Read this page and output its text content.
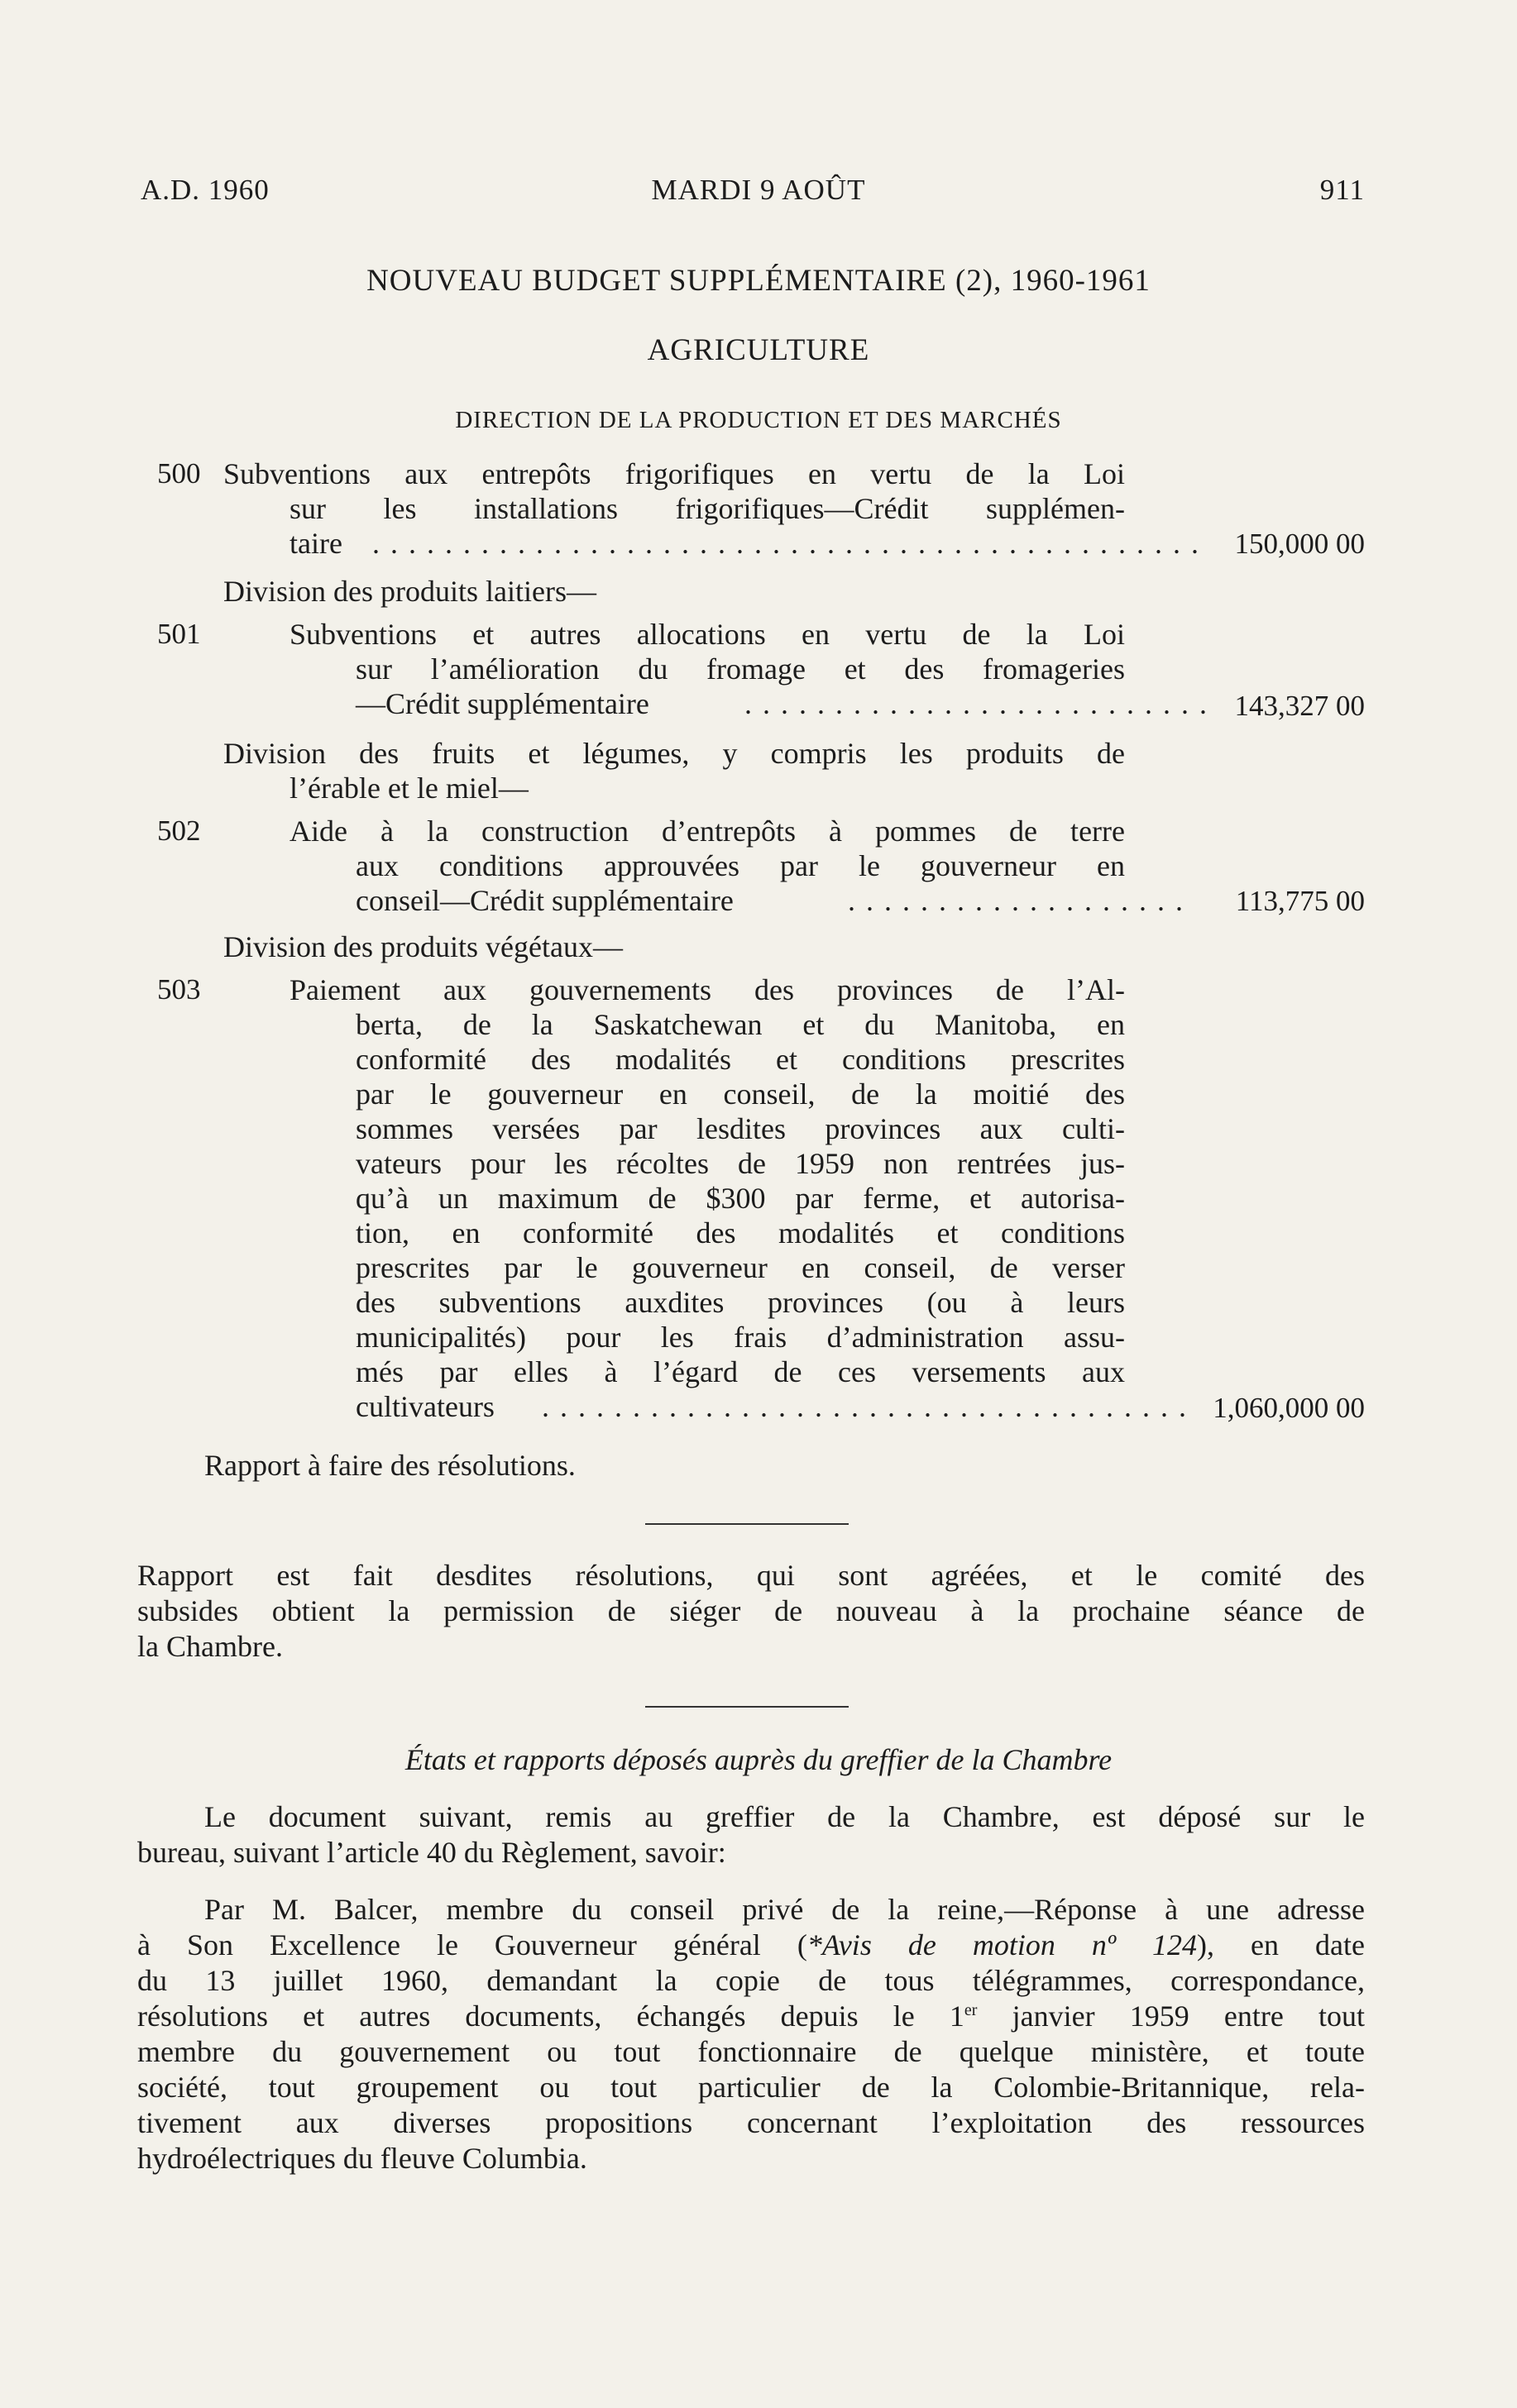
A.D. 1960	MARDI 9 AOÛT	911
NOUVEAU BUDGET SUPPLÉMENTAIRE (2), 1960-1961
AGRICULTURE
DIRECTION DE LA PRODUCTION ET DES MARCHÉS
500 Subventions aux entrepôts frigorifiques en vertu de la Loi
sur les installations frigorifiques—Crédit supplémen-
taire . . . . . . . . . . . . . . . . . . . . . . . . . . . . . . . . . . . . . . . . . . . . . . 150,000 00
Division des produits laitiers—
501	Subventions et autres allocations en vertu de la Loi
sur l’amélioration du fromage et des fromageries
—Crédit supplémentaire	. . . . . . . . . . . . . . . . . . . . . . . . . . 143,327 00
Division des fruits et légumes, y compris les produits de
l’érable et le miel—
502	Aide à la construction d’entrepôts à pommes de terre
aux conditions approuvées par le gouverneur en
conseil—Crédit supplémentaire	. . . . . . . . . . . . . . . . . . . 113,775 00
Division des produits végétaux—
503	Paiement aux gouvernements des provinces de l’Al-
berta, de la Saskatchewan et du Manitoba, en
conformité des modalités et conditions prescrites
par le gouverneur en conseil, de la moitié des
sommes versées par lesdites provinces aux culti-
vateurs pour les récoltes de 1959 non rentrées jus-
qu’à un maximum de $300 par ferme, et autorisa-
tion, en conformité des modalités et conditions
prescrites par le gouverneur en conseil, de verser
des subventions auxdites provinces (ou à leurs
municipalités) pour les frais d’administration assu-
més par elles à l’égard de ces versements aux
cultivateurs . . . . . . . . . . . . . . . . . . . . . . . . . . . . . . . . . . . . 1,060,000 00
Rapport à faire des résolutions.
Rapport est fait desdites résolutions, qui sont agréées, et le comité des
subsides obtient la permission de siéger de nouveau à la prochaine séance de
la Chambre.
États et rapports déposés auprès du greffier de la Chambre
Le document suivant, remis au greffier de la Chambre, est déposé sur le
bureau, suivant l’article 40 du Règlement, savoir:
Par M. Balcer, membre du conseil privé de la reine,—Réponse à une adresse
à Son Excellence le Gouverneur général (*Avis de motion nº 124), en date
du 13 juillet 1960, demandant la copie de tous télégrammes, correspondance,
résolutions et autres documents, échangés depuis le 1er janvier 1959 entre tout
membre du gouvernement ou tout fonctionnaire de quelque ministère, et toute
société, tout groupement ou tout particulier de la Colombie-Britannique, rela-
tivement aux diverses propositions concernant l’exploitation des ressources
hydroélectriques du fleuve Columbia.
